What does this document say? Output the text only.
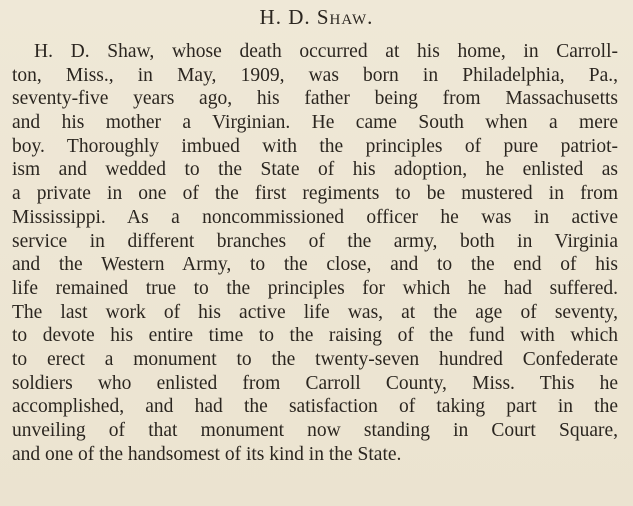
H. D. Shaw.
H. D. Shaw, whose death occurred at his home, in Carroll-
ton, Miss., in May, 1909, was born in Philadelphia, Pa.,
seventy-five years ago, his father being from Massachusetts
and his mother a Virginian. He came South when a mere
boy. Thoroughly imbued with the principles of pure patriot-
ism and wedded to the State of his adoption, he enlisted as
a private in one of the first regiments to be mustered in from
Mississippi. As a noncommissioned officer he was in active
service in different branches of the army, both in Virginia
and the Western Army, to the close, and to the end of his
life remained true to the principles for which he had suffered.
The last work of his active life was, at the age of seventy,
to devote his entire time to the raising of the fund with which
to erect a monument to the twenty-seven hundred Confederate
soldiers who enlisted from Carroll County, Miss. This he
accomplished, and had the satisfaction of taking part in the
unveiling of that monument now standing in Court Square,
and one of the handsomest of its kind in the State.
